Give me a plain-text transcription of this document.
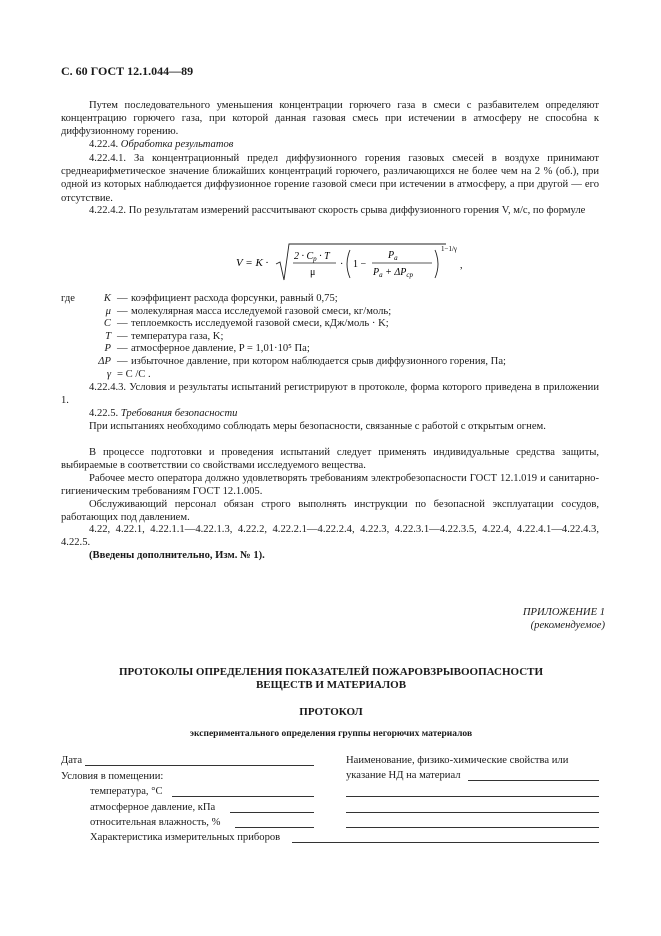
С. 60 ГОСТ 12.1.044—89
Путем последовательного уменьшения концентрации горючего газа в смеси с разбавителем определяют концентрацию горючего газа, при которой данная газовая смесь при истечении в атмосферу не способна к диффузионному горению.
4.22.4. Обработка результатов
4.22.4.1. За концентрационный предел диффузионного горения газовых смесей в воздухе принимают среднеарифметическое значение ближайших концентраций горючего, различающихся не более чем на 2 % (об.), при одной из которых наблюдается диффузионное горение газовой смеси при истечении в атмосферу, а при другой — его отсутствие.
4.22.4.2. По результатам измерений рассчитывают скорость срыва диффузионного горения V, м/с, по формуле
V = K ·
$2 \cdot C_р \cdot T$
μ
· 1 −
$P_а$
$P_а + \Delta P_{ср}$
1−1/γ
,
где	K — коэффициент расхода форсунки, равный 0,75;
μ — молекулярная масса исследуемой газовой смеси, кг/моль;
C — теплоемкость исследуемой газовой смеси, кДж/моль · K;
T — температура газа, K;
P — атмосферное давление, P = 1,01·10⁵ Па;
ΔP — избыточное давление, при котором наблюдается срыв диффузионного горения, Па;
γ = C /C .
4.22.4.3. Условия и результаты испытаний регистрируют в протоколе, форма которого приведена в приложении 1.
4.22.5. Требования безопасности
При испытаниях необходимо соблюдать меры безопасности, связанные с работой с открытым огнем.
В процессе подготовки и проведения испытаний следует применять индивидуальные средства защиты, выбираемые в соответствии со свойствами исследуемого вещества.
Рабочее место оператора должно удовлетворять требованиям электробезопасности ГОСТ 12.1.019 и санитарно-гигиеническим требованиям ГОСТ 12.1.005.
Обслуживающий персонал обязан строго выполнять инструкции по безопасной эксплуатации сосудов, работающих под давлением.
4.22, 4.22.1, 4.22.1.1—4.22.1.3, 4.22.2, 4.22.2.1—4.22.2.4, 4.22.3, 4.22.3.1—4.22.3.5, 4.22.4, 4.22.4.1—4.22.4.3, 4.22.5.
(Введены дополнительно, Изм. № 1).
ПРИЛОЖЕНИЕ 1
(рекомендуемое)
ПРОТОКОЛЫ ОПРЕДЕЛЕНИЯ ПОКАЗАТЕЛЕЙ ПОЖАРОВЗРЫВООПАСНОСТИ
ВЕЩЕСТВ И МАТЕРИАЛОВ
ПРОТОКОЛ
экспериментального определения группы негорючих материалов
Дата
Условия в помещении:
температура, °С
атмосферное давление, кПа
относительная влажность, %
Характеристика измерительных приборов
Наименование, физико-химические свойства или
указание НД на материал
